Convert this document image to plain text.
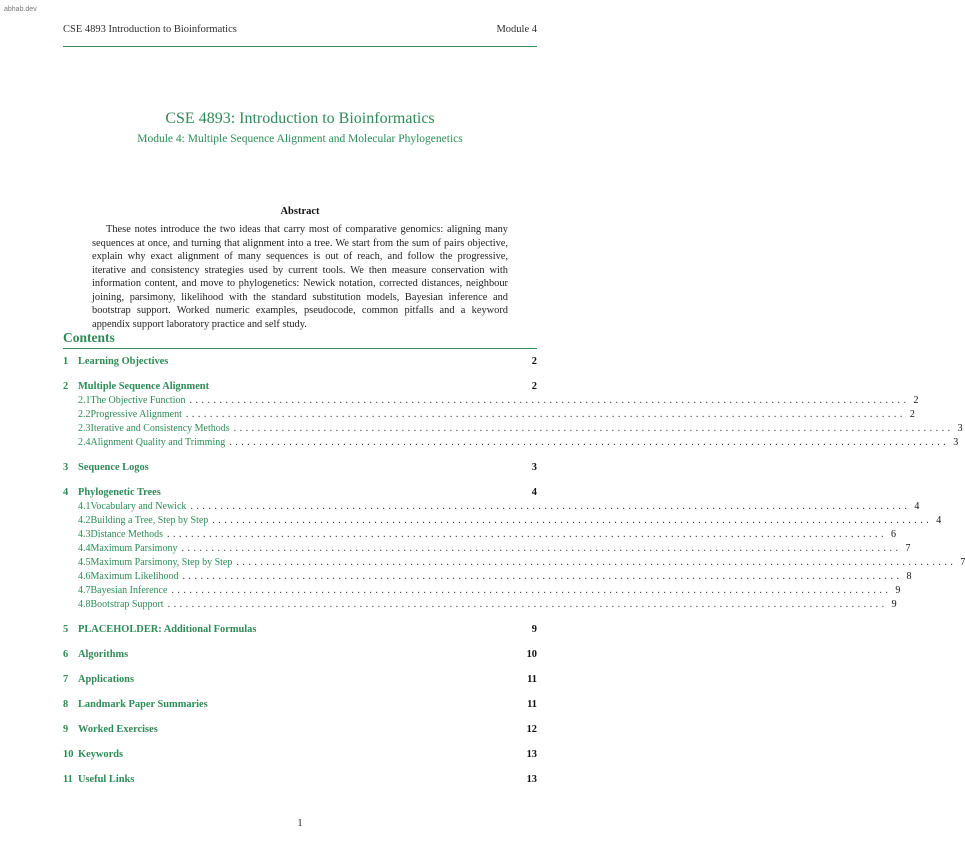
abhab.dev
CSE 4893 Introduction to Bioinformatics	Module 4
CSE 4893: Introduction to Bioinformatics
Module 4: Multiple Sequence Alignment and Molecular Phylogenetics
Abstract

These notes introduce the two ideas that carry most of comparative genomics: aligning many sequences at once, and turning that alignment into a tree. We start from the sum of pairs objective, explain why exact alignment of many sequences is out of reach, and follow the progressive, iterative and consistency strategies used by current tools. We then measure conservation with information content, and move to phylogenetics: Newick notation, corrected distances, neighbour joining, parsimony, likelihood with the standard substitution models, Bayesian inference and bootstrap support. Worked numeric examples, pseudocode, common pitfalls and a keyword appendix support laboratory practice and self study.

Contents
1 Learning Objectives	2
2 Multiple Sequence Alignment	2
2.1 The Objective Function ........................................................................................................................ 2
2.2 Progressive Alignment ........................................................................................................................ 2
2.3 Iterative and Consistency Methods ........................................................................................................................ 3
2.4 Alignment Quality and Trimming ........................................................................................................................ 3
3 Sequence Logos	3
4 Phylogenetic Trees	4
4.1 Vocabulary and Newick ........................................................................................................................ 4
4.2 Building a Tree, Step by Step ........................................................................................................................ 4
4.3 Distance Methods ........................................................................................................................ 6
4.4 Maximum Parsimony ........................................................................................................................ 7
4.5 Maximum Parsimony, Step by Step ........................................................................................................................ 7
4.6 Maximum Likelihood ........................................................................................................................ 8
4.7 Bayesian Inference ........................................................................................................................ 9
4.8 Bootstrap Support ........................................................................................................................ 9
5 PLACEHOLDER: Additional Formulas	9
6 Algorithms	10
7 Applications	11
8 Landmark Paper Summaries	11
9 Worked Exercises	12
10 Keywords	13
11 Useful Links	13
1
